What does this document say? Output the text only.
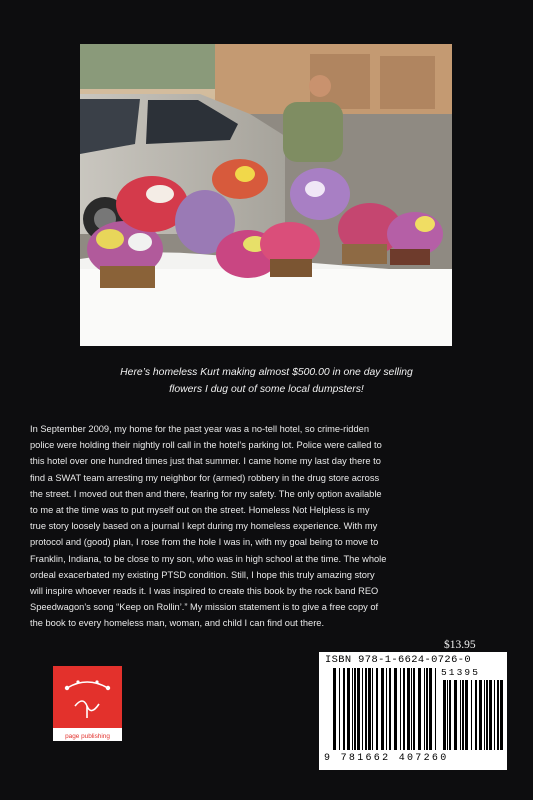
Here’s homeless Kurt making almost $500.00 in one day selling
flowers I dug out of some local dumpsters!
In September 2009, my home for the past year was a no-tell hotel, so crime-ridden
police were holding their nightly roll call in the hotel’s parking lot. Police were called to
this hotel over one hundred times just that summer. I came home my last day there to
find a SWAT team arresting my neighbor for (armed) robbery in the drug store across
the street. I moved out then and there, fearing for my safety. The only option available
to me at the time was to put myself out on the street. Homeless Not Helpless is my
true story loosely based on a journal I kept during my homeless experience. With my
protocol and (good) plan, I rose from the hole I was in, with my goal being to move to
Franklin, Indiana, to be close to my son, who was in high school at the time. The whole
ordeal exacerbated my existing PTSD condition. Still, I hope this truly amazing story
will inspire whoever reads it. I was inspired to create this book by the rock band REO
Speedwagon’s song “Keep on Rollin’.” My mission statement is to give a free copy of
the book to every homeless man, woman, and child I can find out there.
$13.95
ISBN 978-1-6624-0726-0
51395
9 781662 407260
page publishing
